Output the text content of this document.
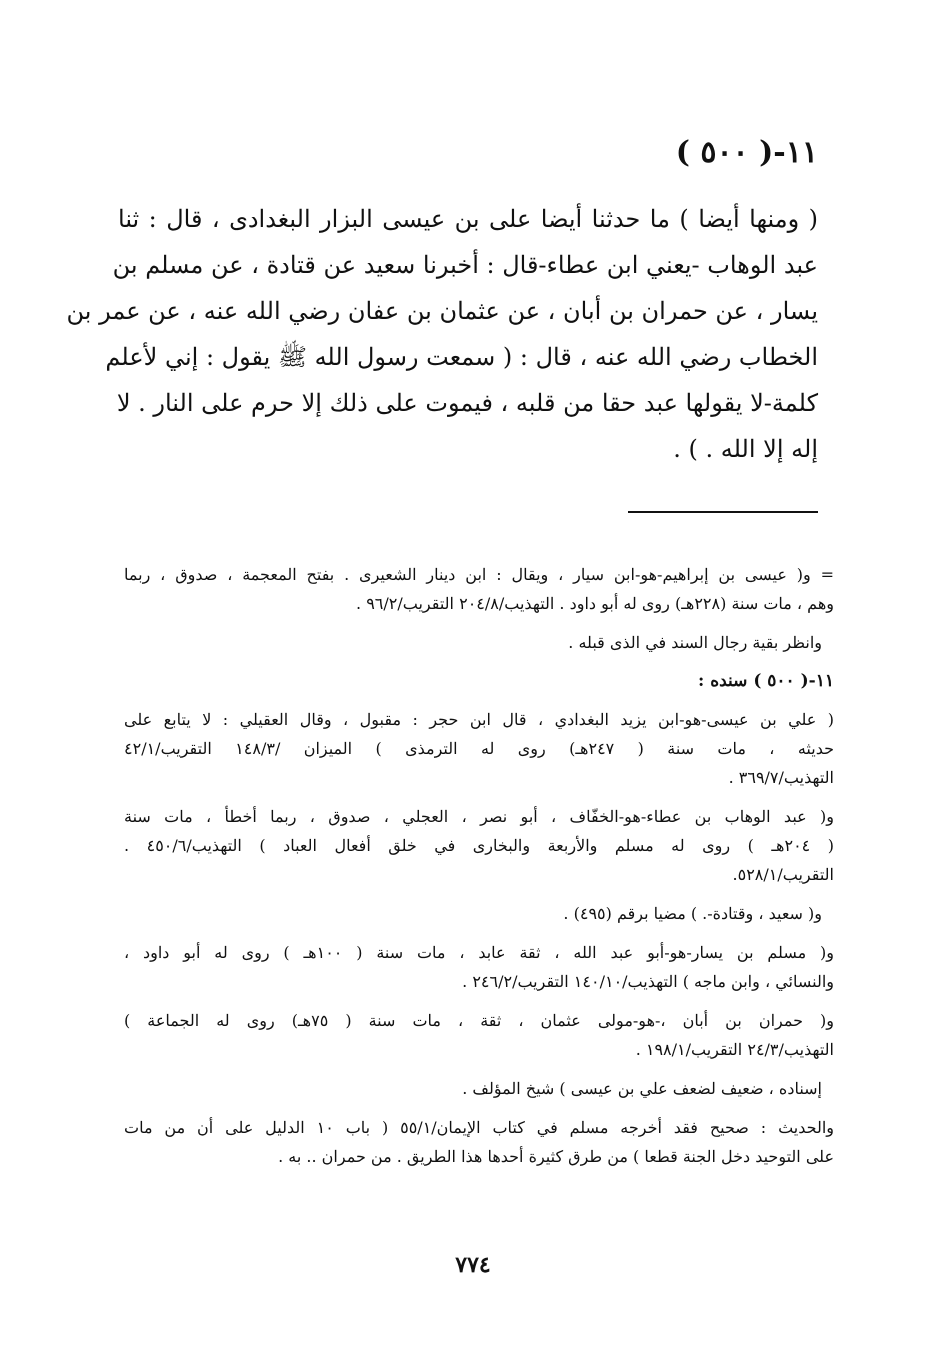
١١-( ٥٠٠ )
( ومنها أيضا ) ما حدثنا أيضا على بن عيسى البزار البغدادى ، قال : ثنا
عبد الوهاب -يعني ابن عطاء-قال : أخبرنا سعيد عن قتادة ، عن مسلم بن
يسار ، عن حمران بن أبان ، عن عثمان بن عفان رضي الله عنه ، عن عمر بن
الخطاب رضي الله عنه ، قال : ( سمعت رسول الله ﷺ يقول : إني لأعلم
كلمة-لا يقولها عبد حقا من قلبه ، فيموت على ذلك إلا حرم على النار . لا
إله إلا الله . ) .
= و( عيسى بن إبراهيم-هو-ابن سيار ، ويقال : ابن دينار الشعيرى . بفتح المعجمة ، صدوق ، ربما
وهم ، مات سنة (٢٢٨هـ) روى له أبو داود . التهذيب/٢٠٤/٨ التقريب/٩٦/٢ .
وانظر بقية رجال السند في الذى قبله .
١١-( ٥٠٠ ) سنده :
( علي بن عيسى-هو-ابن يزيد البغدادي ، قال ابن حجر : مقبول ، وقال العقيلي : لا يتابع على
حديثه ، مات سنة ( ٢٤٧هـ) روى له الترمذى ) الميزان /١٤٨/٣ التقريب/٤٢/١
التهذيب/٣٦٩/٧ .
و( عبد الوهاب بن عطاء-هو-الخفّاف ، أبو نصر ، العجلي ، صدوق ، ربما أخطأ ، مات سنة
( ٢٠٤هـ ) روى له مسلم والأربعة والبخارى في خلق أفعال العباد ) التهذيب/٤٥٠/٦ .
التقريب/٥٢٨/١.
و( سعيد ، وقتادة-. ) مضيا برقم (٤٩٥) .
و( مسلم بن يسار-هو-أبو عبد الله ، ثقة عابد ، مات سنة ( ١٠٠هـ ) روى له أبو داود ،
والنسائي ، وابن ماجه ) التهذيب/١٤٠/١٠ التقريب/٢٤٦/٢ .
و( حمران بن أبان ،-هو-مولى عثمان ، ثقة ، مات سنة ( ٧٥هـ) روى له الجماعة )
التهذيب/٢٤/٣ التقريب/١٩٨/١ .
إسناده ، ضعيف لضعف علي بن عيسى ) شيخ المؤلف .
والحديث : صحيح فقد أخرجه مسلم في كتاب الإيمان/٥٥/١ ( باب ١٠ الدليل على أن من مات
على التوحيد دخل الجنة قطعا ) من طرق كثيرة أحدها هذا الطريق . من حمران .. به .
٧٧٤
